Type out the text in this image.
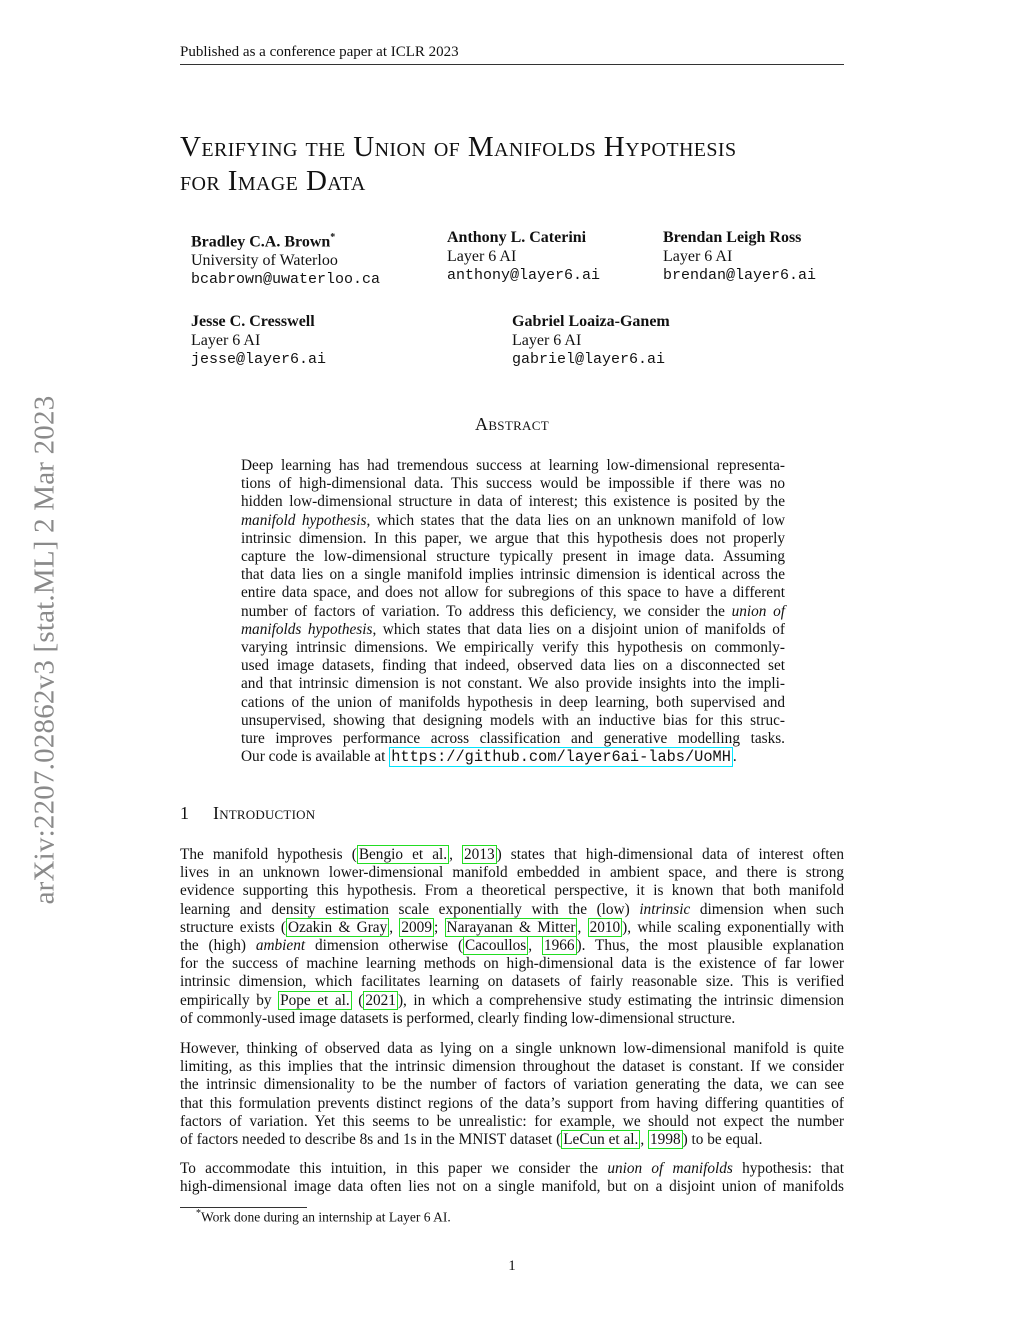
Published as a conference paper at ICLR 2023
arXiv:2207.02862v3 [stat.ML] 2 Mar 2023
Verifying the Union of Manifolds Hypothesis
for Image Data
Bradley C.A. Brown*
University of Waterloo
bcabrown@uwaterloo.ca
Anthony L. Caterini
Layer 6 AI
anthony@layer6.ai
Brendan Leigh Ross
Layer 6 AI
brendan@layer6.ai
Jesse C. Cresswell
Layer 6 AI
jesse@layer6.ai
Gabriel Loaiza-Ganem
Layer 6 AI
gabriel@layer6.ai
Abstract
Deep learning has had tremendous success at learning low-dimensional representa-
tions of high-dimensional data. This success would be impossible if there was no
hidden low-dimensional structure in data of interest; this existence is posited by the
manifold hypothesis, which states that the data lies on an unknown manifold of low
intrinsic dimension. In this paper, we argue that this hypothesis does not properly
capture the low-dimensional structure typically present in image data. Assuming
that data lies on a single manifold implies intrinsic dimension is identical across the
entire data space, and does not allow for subregions of this space to have a different
number of factors of variation. To address this deficiency, we consider the union of
manifolds hypothesis, which states that data lies on a disjoint union of manifolds of
varying intrinsic dimensions. We empirically verify this hypothesis on commonly-
used image datasets, finding that indeed, observed data lies on a disconnected set
and that intrinsic dimension is not constant. We also provide insights into the impli-
cations of the union of manifolds hypothesis in deep learning, both supervised and
unsupervised, showing that designing models with an inductive bias for this struc-
ture improves performance across classification and generative modelling tasks.
Our code is available at https://github.com/layer6ai-labs/UoMH .
1 Introduction
The manifold hypothesis ( Bengio et al. , 2013 ) states that high-dimensional data of interest often
lives in an unknown lower-dimensional manifold embedded in ambient space, and there is strong
evidence supporting this hypothesis. From a theoretical perspective, it is known that both manifold
learning and density estimation scale exponentially with the (low) intrinsic dimension when such
structure exists ( Ozakin & Gray , 2009 ; Narayanan & Mitter , 2010 ), while scaling exponentially with
the (high) ambient dimension otherwise ( Cacoullos , 1966 ). Thus, the most plausible explanation
for the success of machine learning methods on high-dimensional data is the existence of far lower
intrinsic dimension, which facilitates learning on datasets of fairly reasonable size. This is verified
empirically by Pope et al. ( 2021 ), in which a comprehensive study estimating the intrinsic dimension
of commonly-used image datasets is performed, clearly finding low-dimensional structure.
However, thinking of observed data as lying on a single unknown low-dimensional manifold is quite
limiting, as this implies that the intrinsic dimension throughout the dataset is constant. If we consider
the intrinsic dimensionality to be the number of factors of variation generating the data, we can see
that this formulation prevents distinct regions of the data’s support from having differing quantities of
factors of variation. Yet this seems to be unrealistic: for example, we should not expect the number
of factors needed to describe 8s and 1s in the MNIST dataset ( LeCun et al. , 1998 ) to be equal.
To accommodate this intuition, in this paper we consider the union of manifolds hypothesis: that
high-dimensional image data often lies not on a single manifold, but on a disjoint union of manifolds
*Work done during an internship at Layer 6 AI.
1
